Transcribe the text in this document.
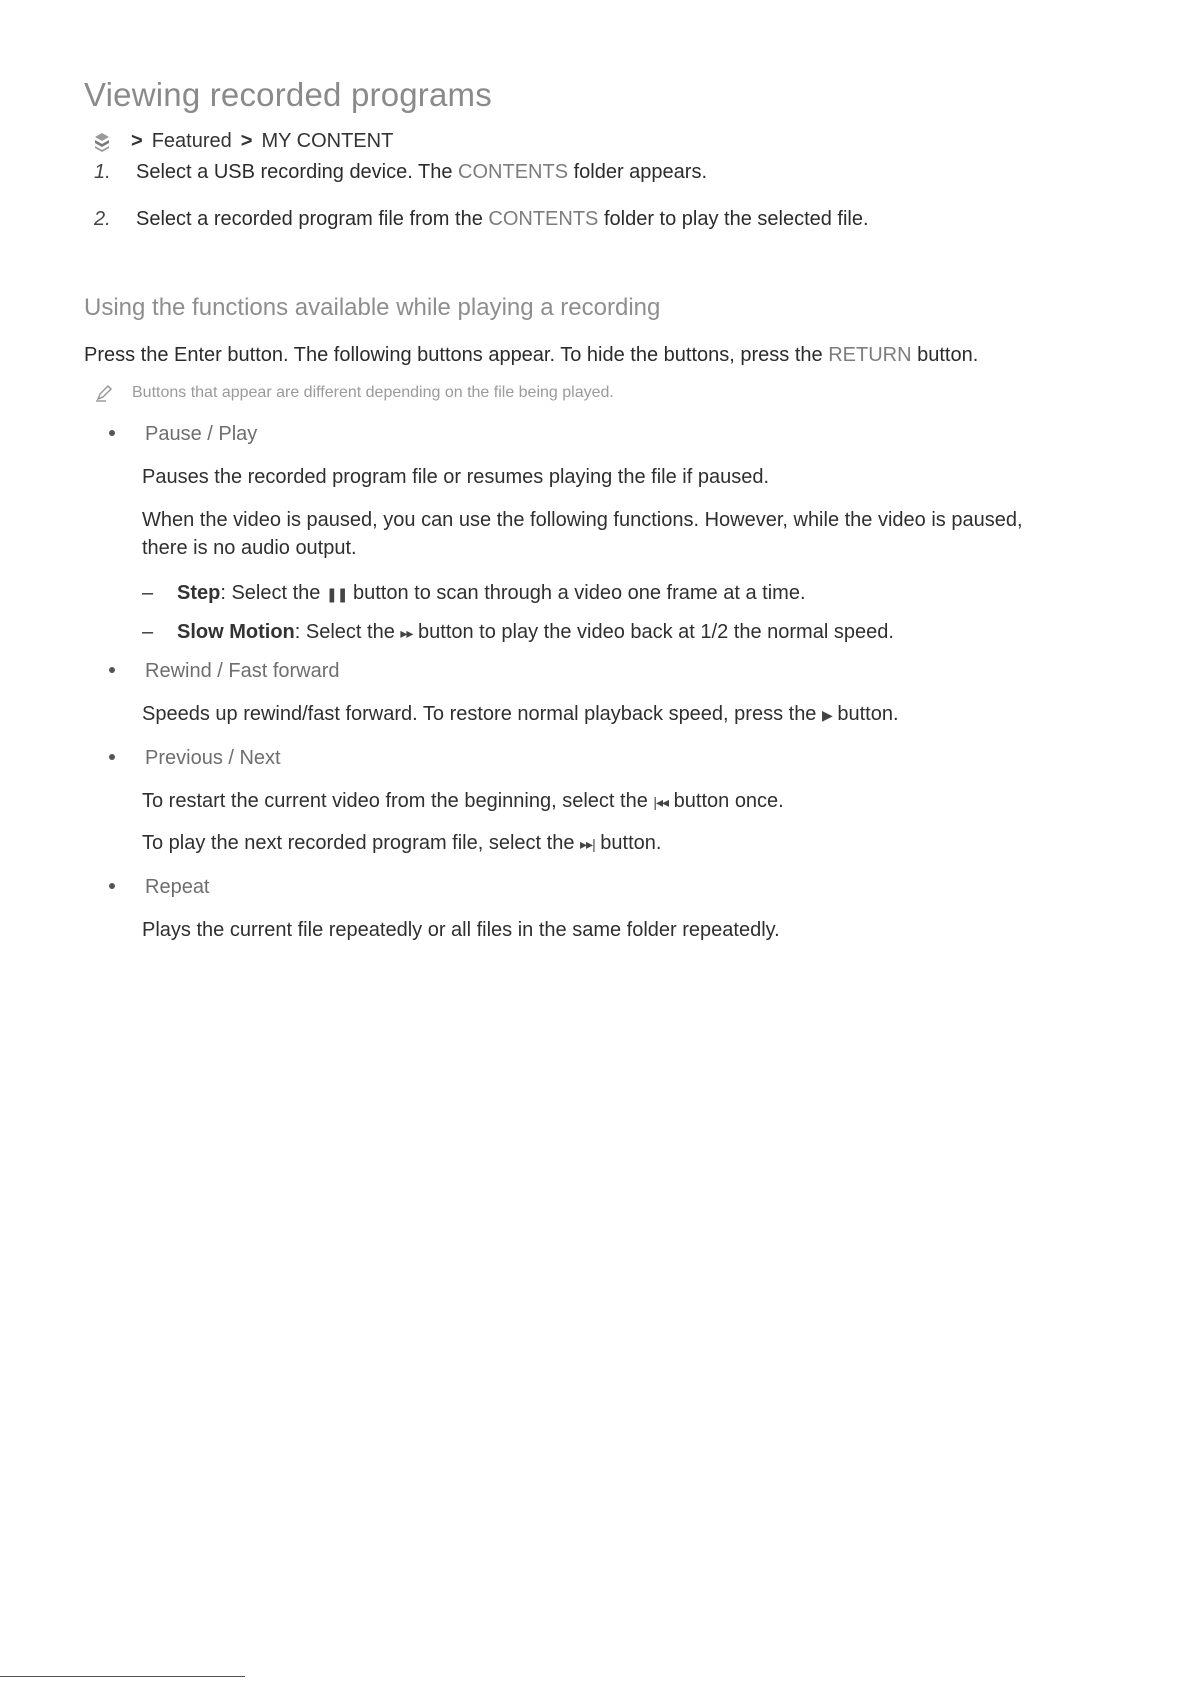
Viewing recorded programs
> Featured > MY CONTENT
1. Select a USB recording device. The CONTENTS folder appears.
2. Select a recorded program file from the CONTENTS folder to play the selected file.
Using the functions available while playing a recording
Press the Enter button. The following buttons appear. To hide the buttons, press the RETURN button.
Buttons that appear are different depending on the file being played.
Pause / Play
Pauses the recorded program file or resumes playing the file if paused.
When the video is paused, you can use the following functions. However, while the video is paused, there is no audio output.
– Step: Select the ❚❚ button to scan through a video one frame at a time.
– Slow Motion: Select the ▸▸ button to play the video back at 1/2 the normal speed.
Rewind / Fast forward
Speeds up rewind/fast forward. To restore normal playback speed, press the ▶ button.
Previous / Next
To restart the current video from the beginning, select the |◂◂ button once.
To play the next recorded program file, select the ▸▸| button.
Repeat
Plays the current file repeatedly or all files in the same folder repeatedly.
